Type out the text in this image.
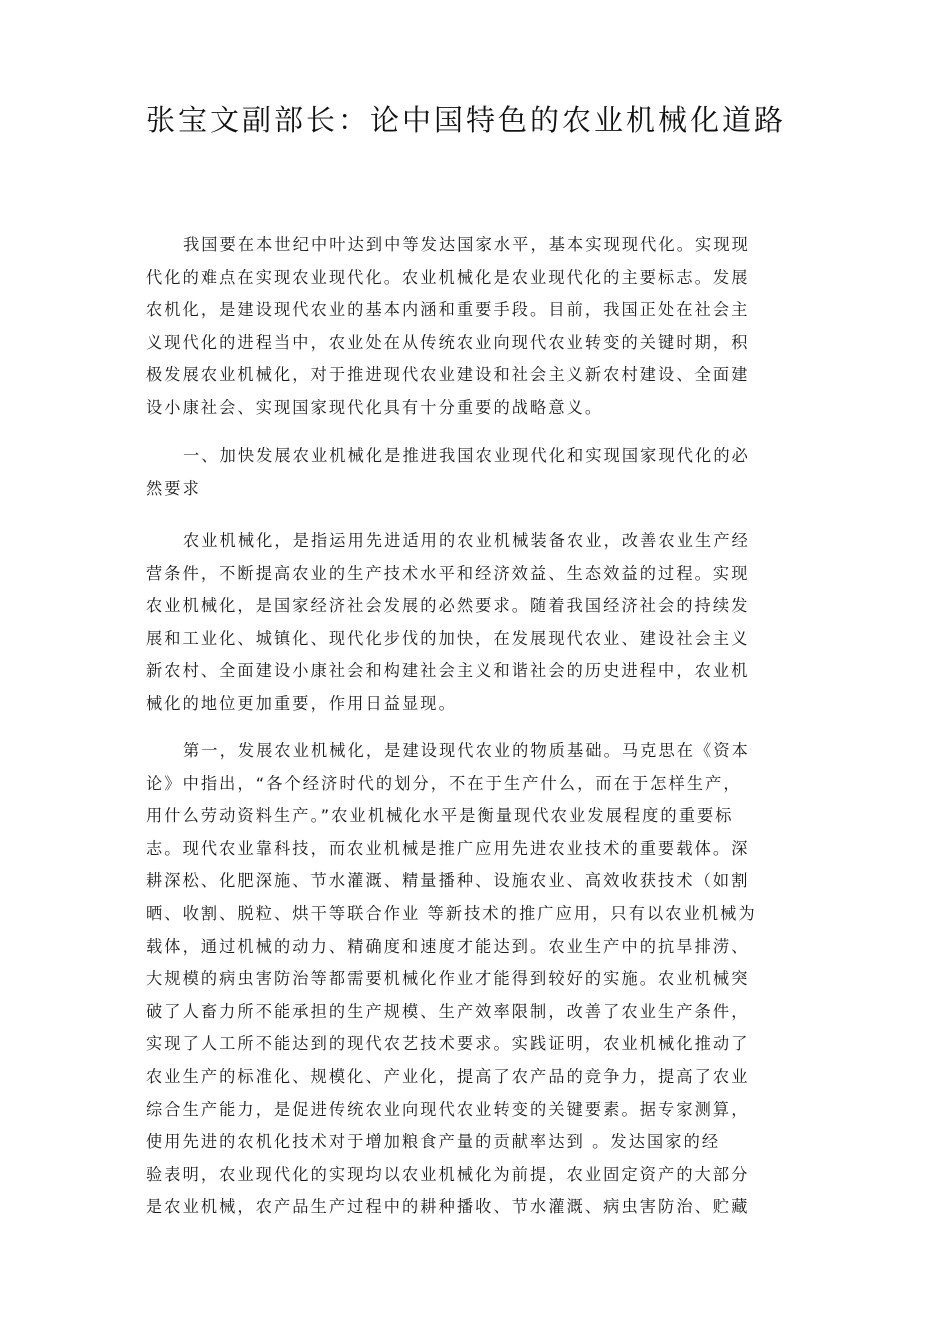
张宝文副部长：论中国特色的农业机械化道路

我国要在本世纪中叶达到中等发达国家水平，基本实现现代化。实现现
代化的难点在实现农业现代化。农业机械化是农业现代化的主要标志。发展
农机化，是建设现代农业的基本内涵和重要手段。目前，我国正处在社会主
义现代化的进程当中，农业处在从传统农业向现代农业转变的关键时期，积
极发展农业机械化，对于推进现代农业建设和社会主义新农村建设、全面建
设小康社会、实现国家现代化具有十分重要的战略意义。

一、加快发展农业机械化是推进我国农业现代化和实现国家现代化的必
然要求

农业机械化，是指运用先进适用的农业机械装备农业，改善农业生产经
营条件，不断提高农业的生产技术水平和经济效益、生态效益的过程。实现
农业机械化，是国家经济社会发展的必然要求。随着我国经济社会的持续发
展和工业化、城镇化、现代化步伐的加快，在发展现代农业、建设社会主义
新农村、全面建设小康社会和构建社会主义和谐社会的历史进程中，农业机
械化的地位更加重要，作用日益显现。

第一，发展农业机械化，是建设现代农业的物质基础。马克思在《资本
论》中指出，“各个经济时代的划分，不在于生产什么，而在于怎样生产，
用什么劳动资料生产。”农业机械化水平是衡量现代农业发展程度的重要标
志。现代农业靠科技，而农业机械是推广应用先进农业技术的重要载体。深
耕深松、化肥深施、节水灌溉、精量播种、设施农业、高效收获技术（如割
晒、收割、脱粒、烘干等联合作业 等新技术的推广应用，只有以农业机械为
载体，通过机械的动力、精确度和速度才能达到。农业生产中的抗旱排涝、
大规模的病虫害防治等都需要机械化作业才能得到较好的实施。农业机械突
破了人畜力所不能承担的生产规模、生产效率限制，改善了农业生产条件，
实现了人工所不能达到的现代农艺技术要求。实践证明，农业机械化推动了
农业生产的标准化、规模化、产业化，提高了农产品的竞争力，提高了农业
综合生产能力，是促进传统农业向现代农业转变的关键要素。据专家测算，
使用先进的农机化技术对于增加粮食产量的贡献率达到 。发达国家的经
验表明，农业现代化的实现均以农业机械化为前提，农业固定资产的大部分
是农业机械，农产品生产过程中的耕种播收、节水灌溉、病虫害防治、贮藏
